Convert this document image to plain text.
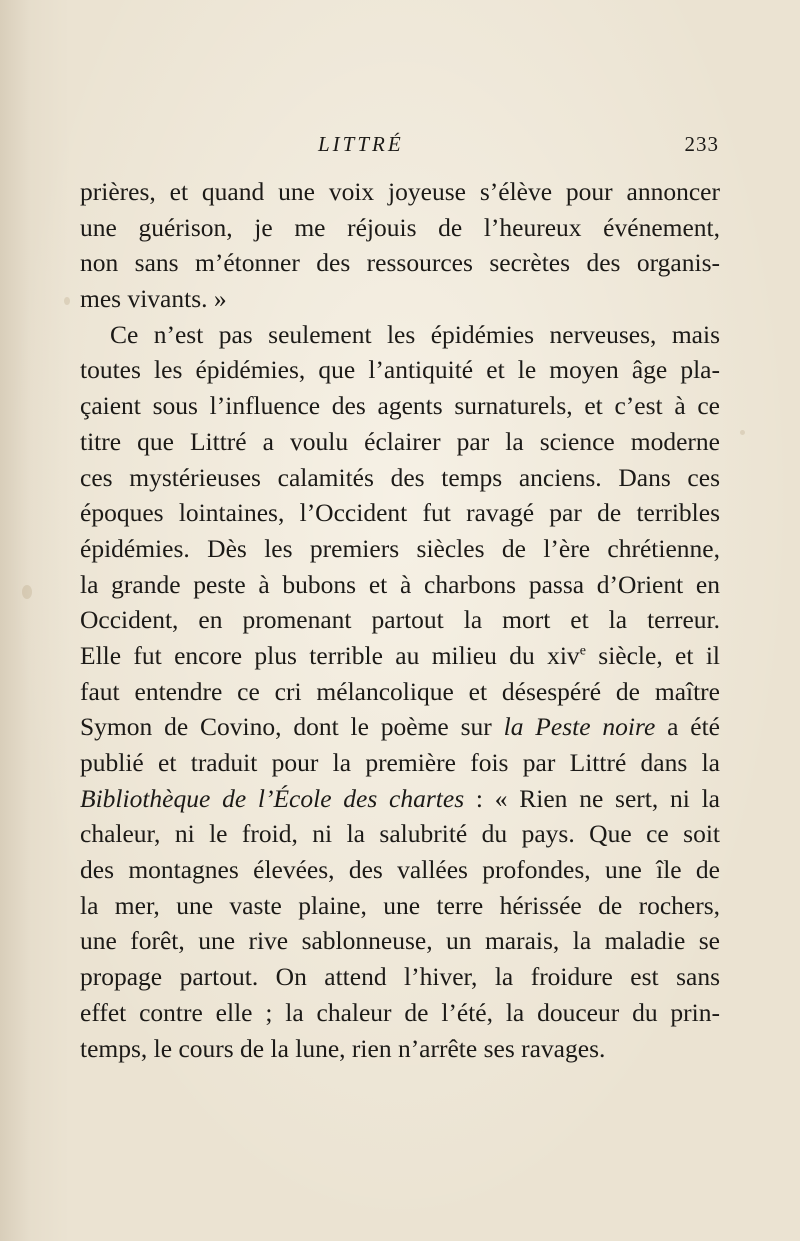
LITTRÉ	233
prières, et quand une voix joyeuse s’élève pour annoncer
une guérison, je me réjouis de l’heureux événement,
non sans m’étonner des ressources secrètes des organis-
mes vivants. »
Ce n’est pas seulement les épidémies nerveuses, mais
toutes les épidémies, que l’antiquité et le moyen âge pla-
çaient sous l’influence des agents surnaturels, et c’est à ce
titre que Littré a voulu éclairer par la science moderne
ces mystérieuses calamités des temps anciens. Dans ces
époques lointaines, l’Occident fut ravagé par de terribles
épidémies. Dès les premiers siècles de l’ère chrétienne,
la grande peste à bubons et à charbons passa d’Orient en
Occident, en promenant partout la mort et la terreur.
Elle fut encore plus terrible au milieu du xiv$^e$ siècle, et il
faut entendre ce cri mélancolique et désespéré de maître
Symon de Covino, dont le poème sur la Peste noire a été
publié et traduit pour la première fois par Littré dans la
Bibliothèque de l’École des chartes : « Rien ne sert, ni la
chaleur, ni le froid, ni la salubrité du pays. Que ce soit
des montagnes élevées, des vallées profondes, une île de
la mer, une vaste plaine, une terre hérissée de rochers,
une forêt, une rive sablonneuse, un marais, la maladie se
propage partout. On attend l’hiver, la froidure est sans
effet contre elle ; la chaleur de l’été, la douceur du prin-
temps, le cours de la lune, rien n’arrête ses ravages.
